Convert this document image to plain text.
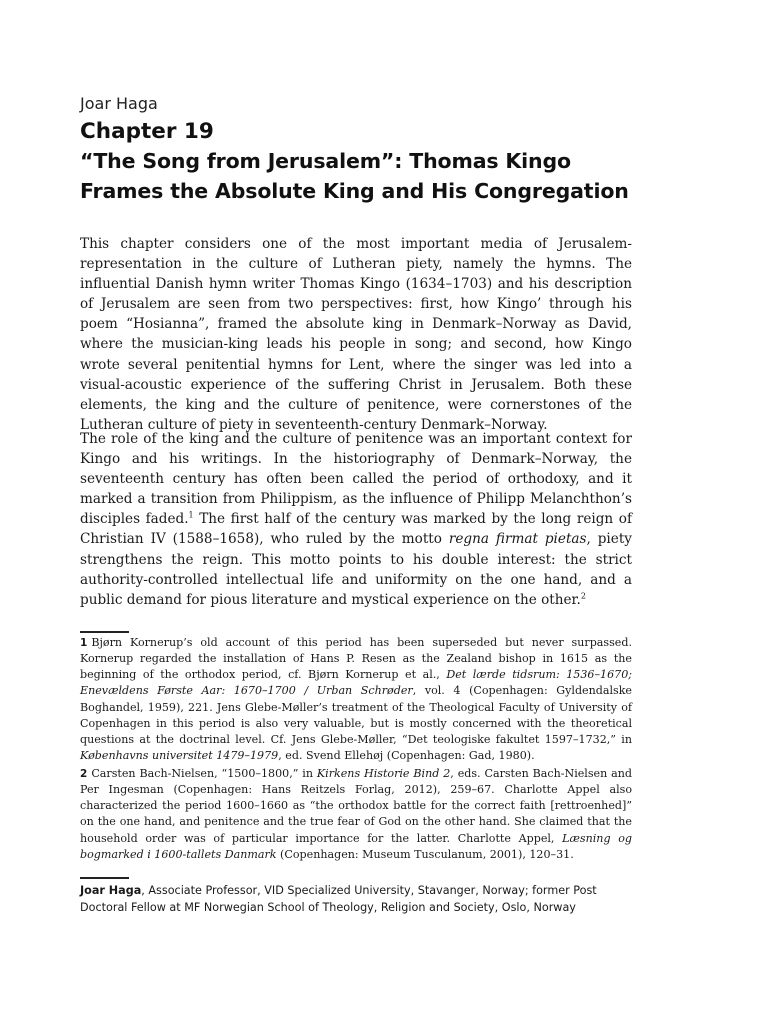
Joar Haga
Chapter 19
“The Song from Jerusalem”: Thomas Kingo Frames the Absolute King and His Congregation

This chapter considers one of the most important media of Jerusalem-representation in the culture of Lutheran piety, namely the hymns. The influential Danish hymn writer Thomas Kingo (1634–1703) and his description of Jerusalem are seen from two perspectives: first, how Kingo’ through his poem “Hosianna”, framed the absolute king in Denmark–Norway as David, where the musician-king leads his people in song; and second, how Kingo wrote several penitential hymns for Lent, where the singer was led into a visual-acoustic experience of the suffering Christ in Jerusalem. Both these elements, the king and the culture of penitence, were cornerstones of the Lutheran culture of piety in seventeenth-century Denmark–Norway.

The role of the king and the culture of penitence was an important context for Kingo and his writings. In the historiography of Denmark–Norway, the seventeenth century has often been called the period of orthodoxy, and it marked a transition from Philippism, as the influence of Philipp Melanchthon’s disciples faded.$^1$ The first half of the century was marked by the long reign of Christian IV (1588–1658), who ruled by the motto regna firmat pietas, piety strengthens the reign. This motto points to his double interest: the strict authority-controlled intellectual life and uniformity on the one hand, and a public demand for pious literature and mystical experience on the other.$^2$

1 Bjørn Kornerup’s old account of this period has been superseded but never surpassed. Kornerup regarded the installation of Hans P. Resen as the Zealand bishop in 1615 as the beginning of the orthodox period, cf. Bjørn Kornerup et al., Det lærde tidsrum: 1536–1670; Enevældens Første Aar: 1670–1700 / Urban Schrøder, vol. 4 (Copenhagen: Gyldendalske Boghandel, 1959), 221. Jens Glebe-Møller’s treatment of the Theological Faculty of University of Copenhagen in this period is also very valuable, but is mostly concerned with the theoretical questions at the doctrinal level. Cf. Jens Glebe-Møller, “Det teologiske fakultet 1597–1732,” in Københavns universitet 1479–1979, ed. Svend Ellehøj (Copenhagen: Gad, 1980).

2 Carsten Bach-Nielsen, “1500–1800,” in Kirkens Historie Bind 2, eds. Carsten Bach-Nielsen and Per Ingesman (Copenhagen: Hans Reitzels Forlag, 2012), 259–67. Charlotte Appel also characterized the period 1600–1660 as “the orthodox battle for the correct faith [rettroenhed]” on the one hand, and penitence and the true fear of God on the other hand. She claimed that the household order was of particular importance for the latter. Charlotte Appel, Læsning og bogmarked i 1600-tallets Danmark (Copenhagen: Museum Tusculanum, 2001), 120–31.

Joar Haga, Associate Professor, VID Specialized University, Stavanger, Norway; former Post Doctoral Fellow at MF Norwegian School of Theology, Religion and Society, Oslo, Norway
